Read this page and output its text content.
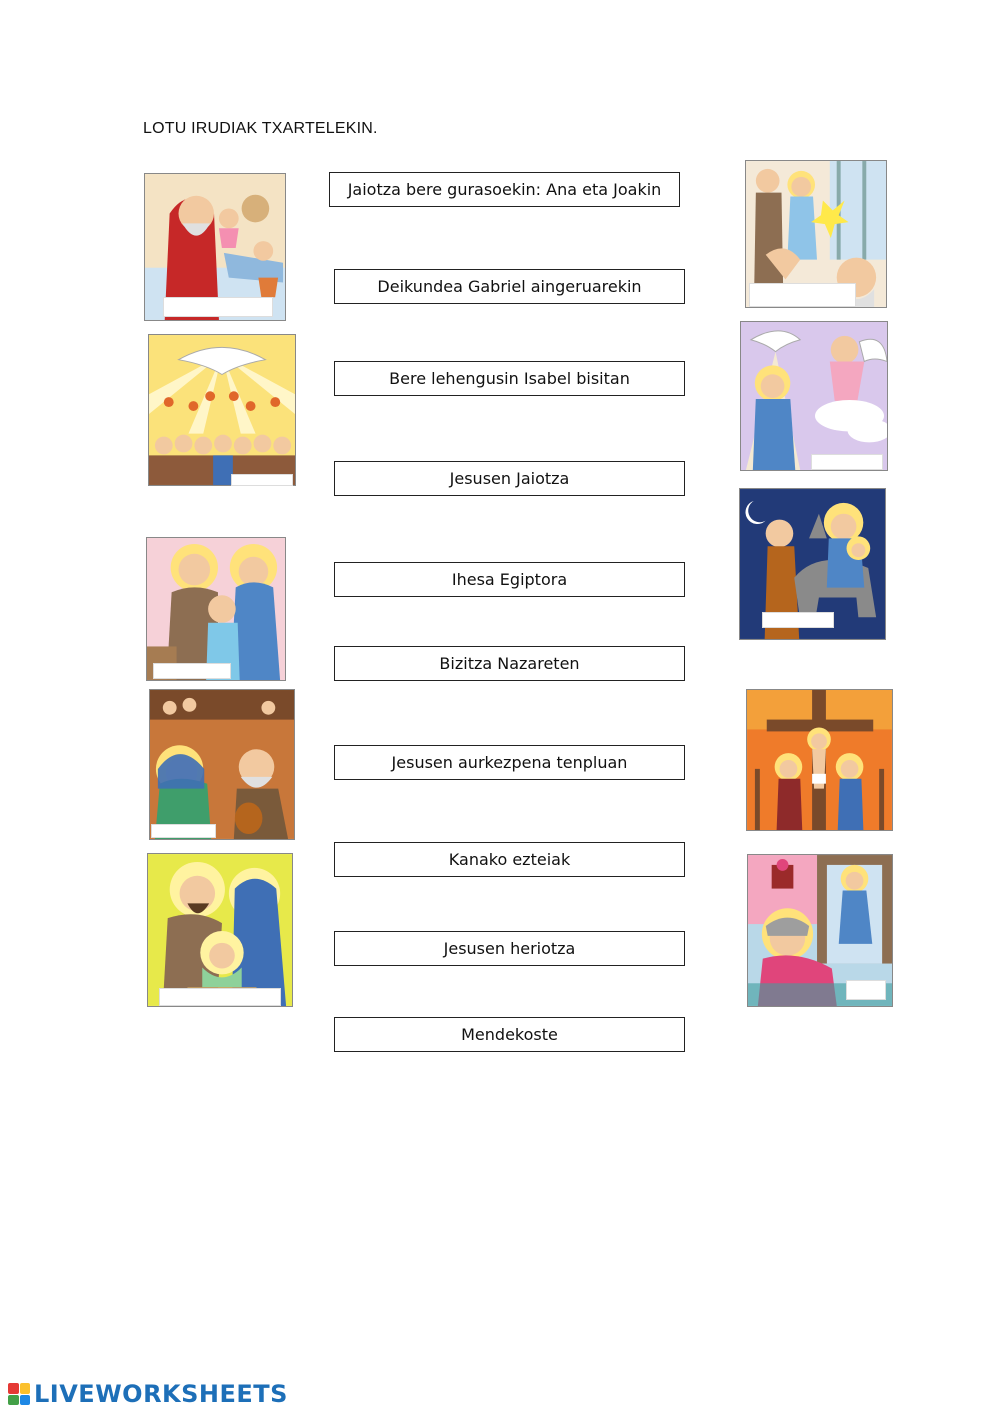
LOTU IRUDIAK TXARTELEKIN.
Jaiotza bere gurasoekin: Ana eta Joakin
Deikundea Gabriel aingeruarekin
Bere lehengusin Isabel bisitan
Jesusen Jaiotza
Ihesa Egiptora
Bizitza Nazareten
Jesusen aurkezpena tenpluan
Kanako ezteiak
Jesusen heriotza
Mendekoste
LIVEWORKSHEETS
